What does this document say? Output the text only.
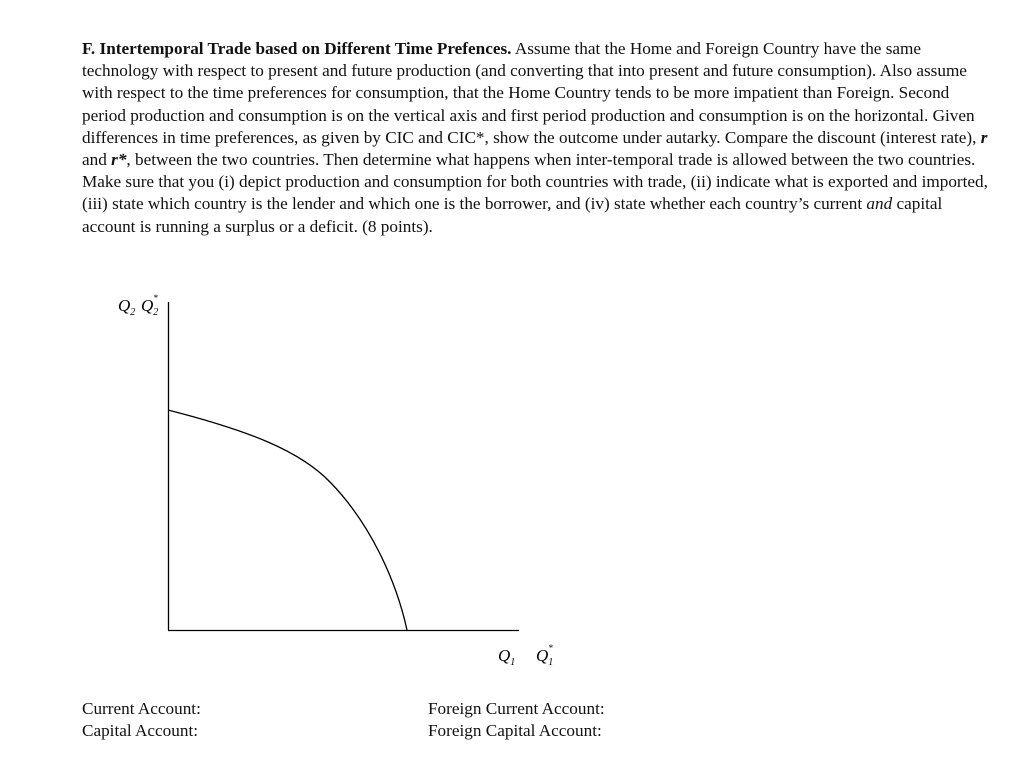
F. Intertemporal Trade based on Different Time Prefences. Assume that the Home and Foreign Country have the same technology with respect to present and future production (and converting that into present and future consumption). Also assume with respect to the time preferences for consumption, that the Home Country tends to be more impatient than Foreign. Second period production and consumption is on the vertical axis and first period production and consumption is on the horizontal. Given differences in time preferences, as given by CIC and CIC*, show the outcome under autarky. Compare the discount (interest rate), r and r*, between the two countries. Then determine what happens when inter-temporal trade is allowed between the two countries. Make sure that you (i) depict production and consumption for both countries with trade, (ii) indicate what is exported and imported, (iii) state which country is the lender and which one is the borrower, and (iv) state whether each country’s current and capital account is running a surplus or a deficit. (8 points).
$Q_2$ $Q_2*$
$Q_1$ $Q_1*$
Current Account:
Capital Account:
Foreign Current Account:
Foreign Capital Account:
